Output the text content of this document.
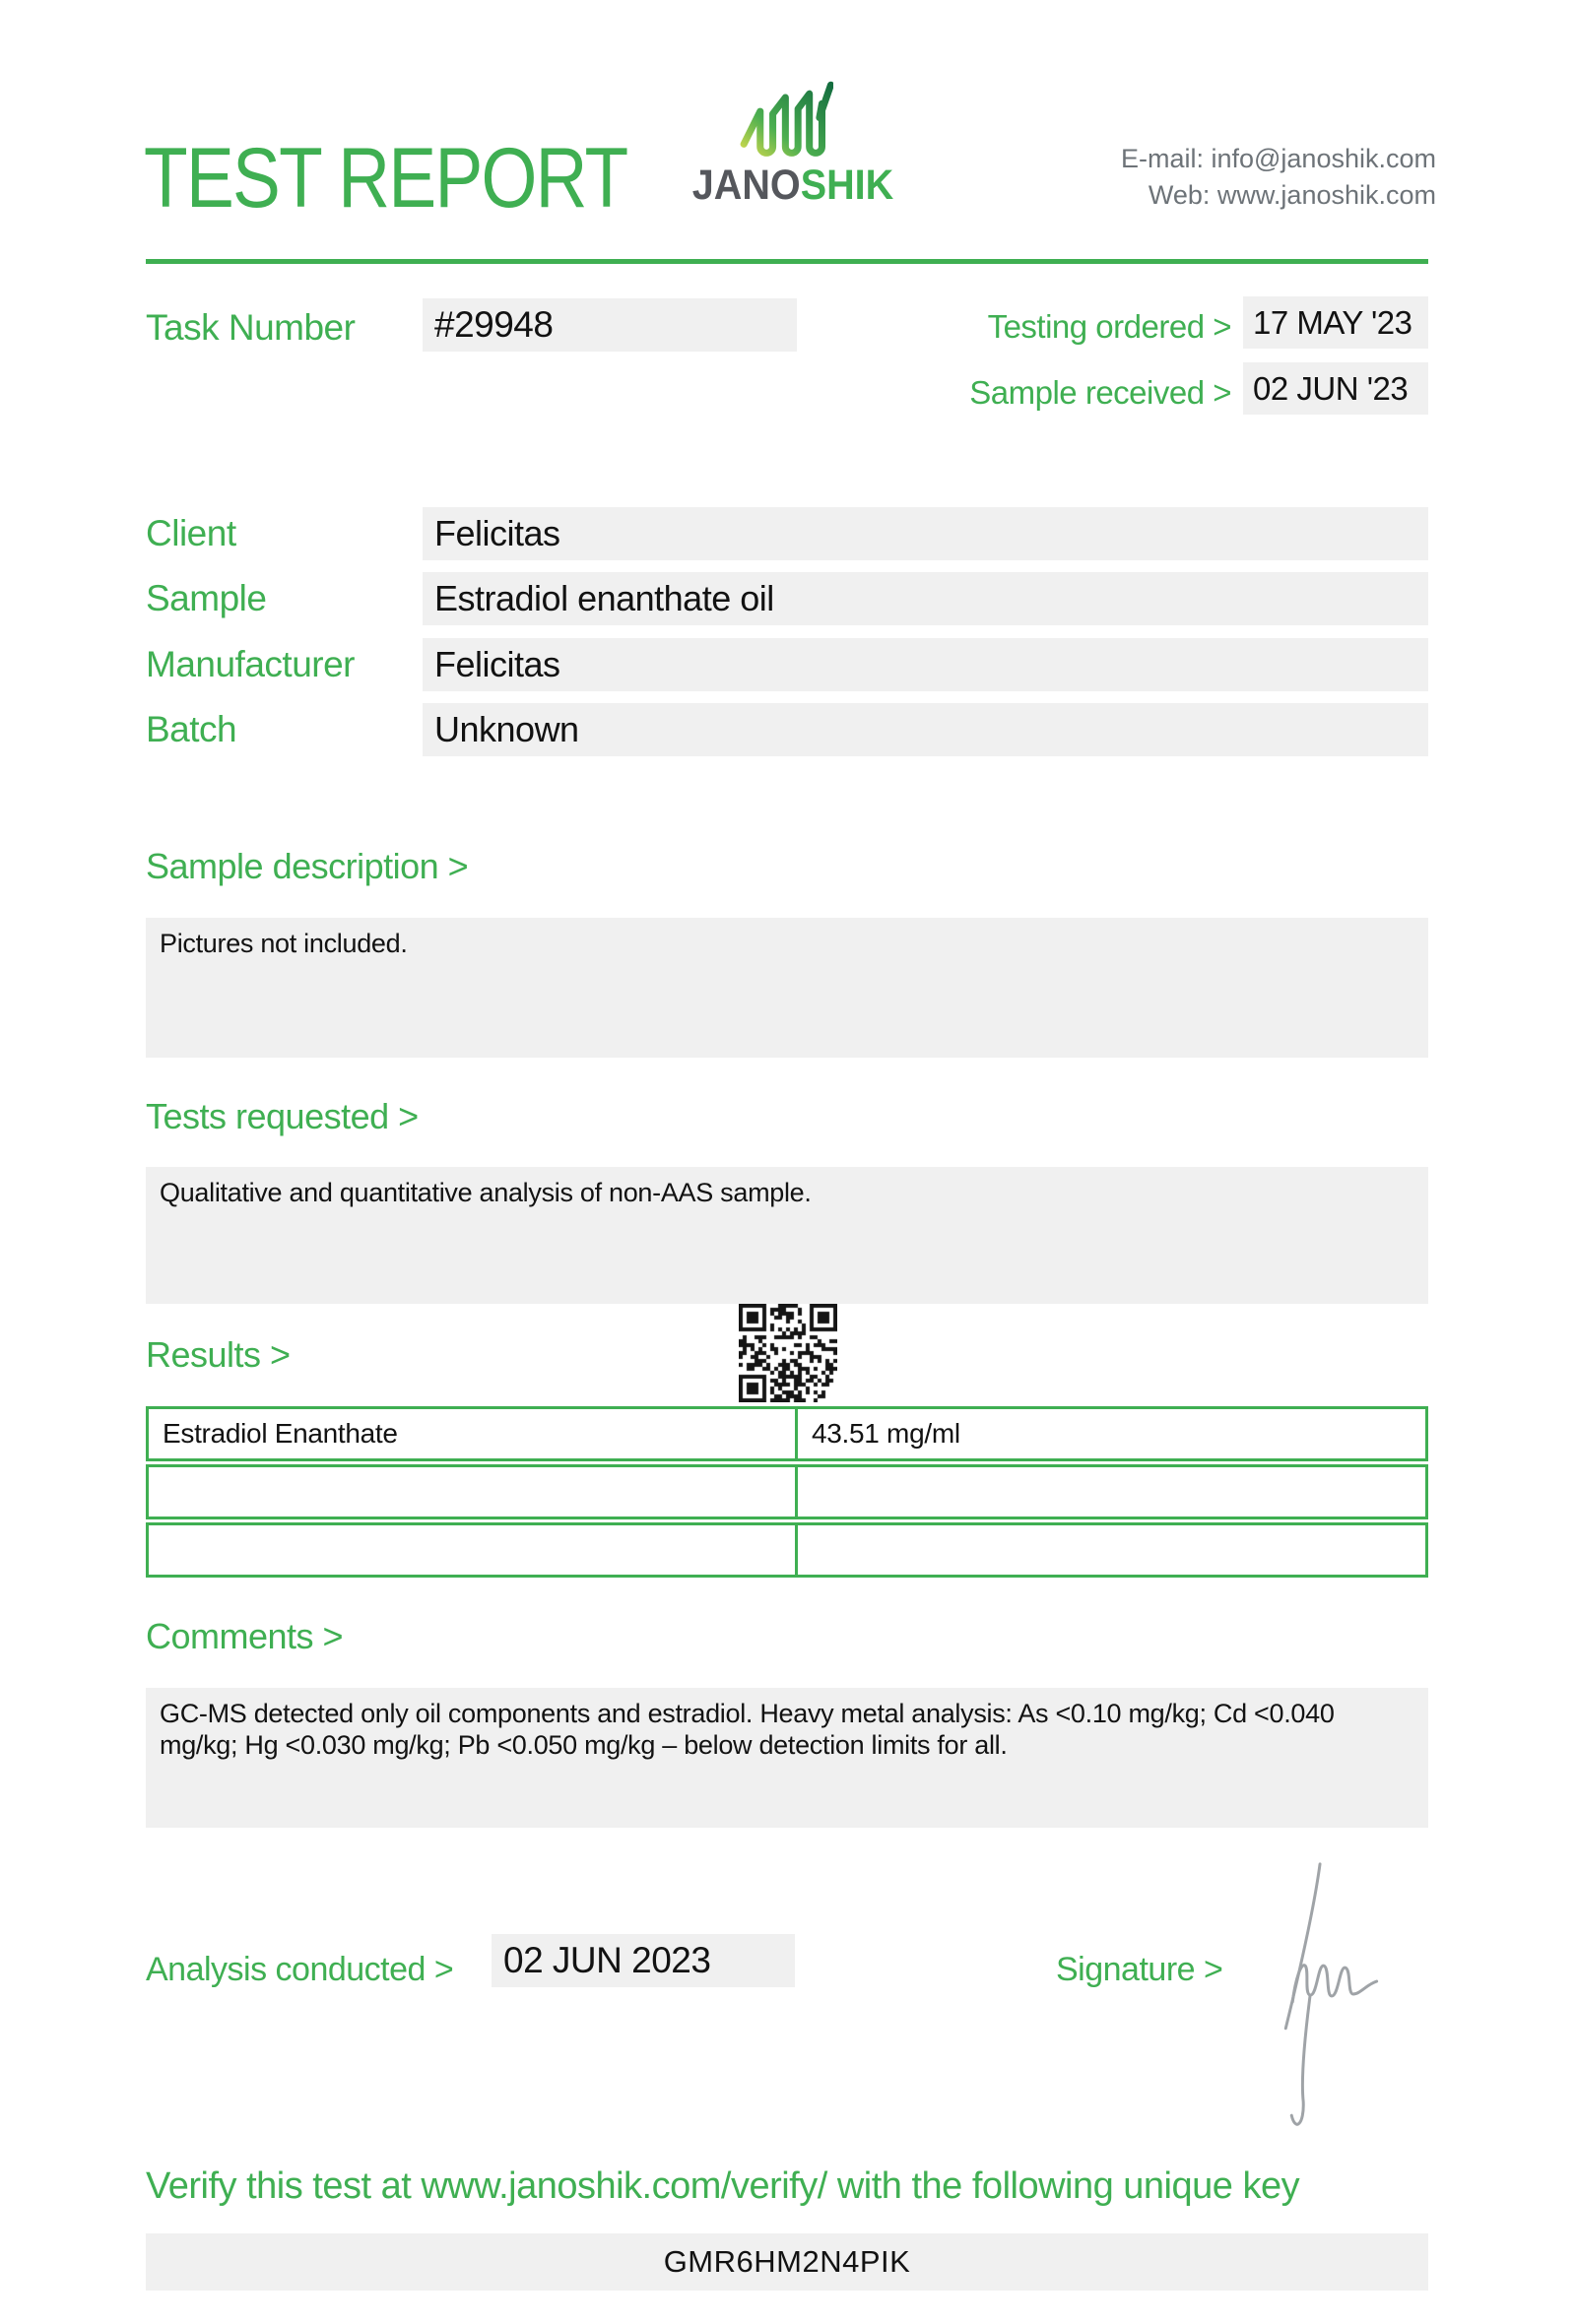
TEST REPORT JANOSHIK
E-mail: info@janoshik.com
Web: www.janoshik.com
Task Number	#29948	Testing ordered > 17 MAY '23
Sample received > 02 JUN '23
Client	Felicitas
Sample	Estradiol enanthate oil
Manufacturer	Felicitas
Batch	Unknown
Sample description >
Pictures not included.
Tests requested >
Qualitative and quantitative analysis of non-AAS sample.
Results >
Estradiol Enanthate	43.51 mg/ml
Comments >
GC-MS detected only oil components and estradiol. Heavy metal analysis: As <0.10 mg/kg; Cd <0.040 mg/kg; Hg <0.030 mg/kg; Pb <0.050 mg/kg – below detection limits for all.
Analysis conducted >	02 JUN 2023	Signature >
Verify this test at www.janoshik.com/verify/ with the following unique key
GMR6HM2N4PIK
